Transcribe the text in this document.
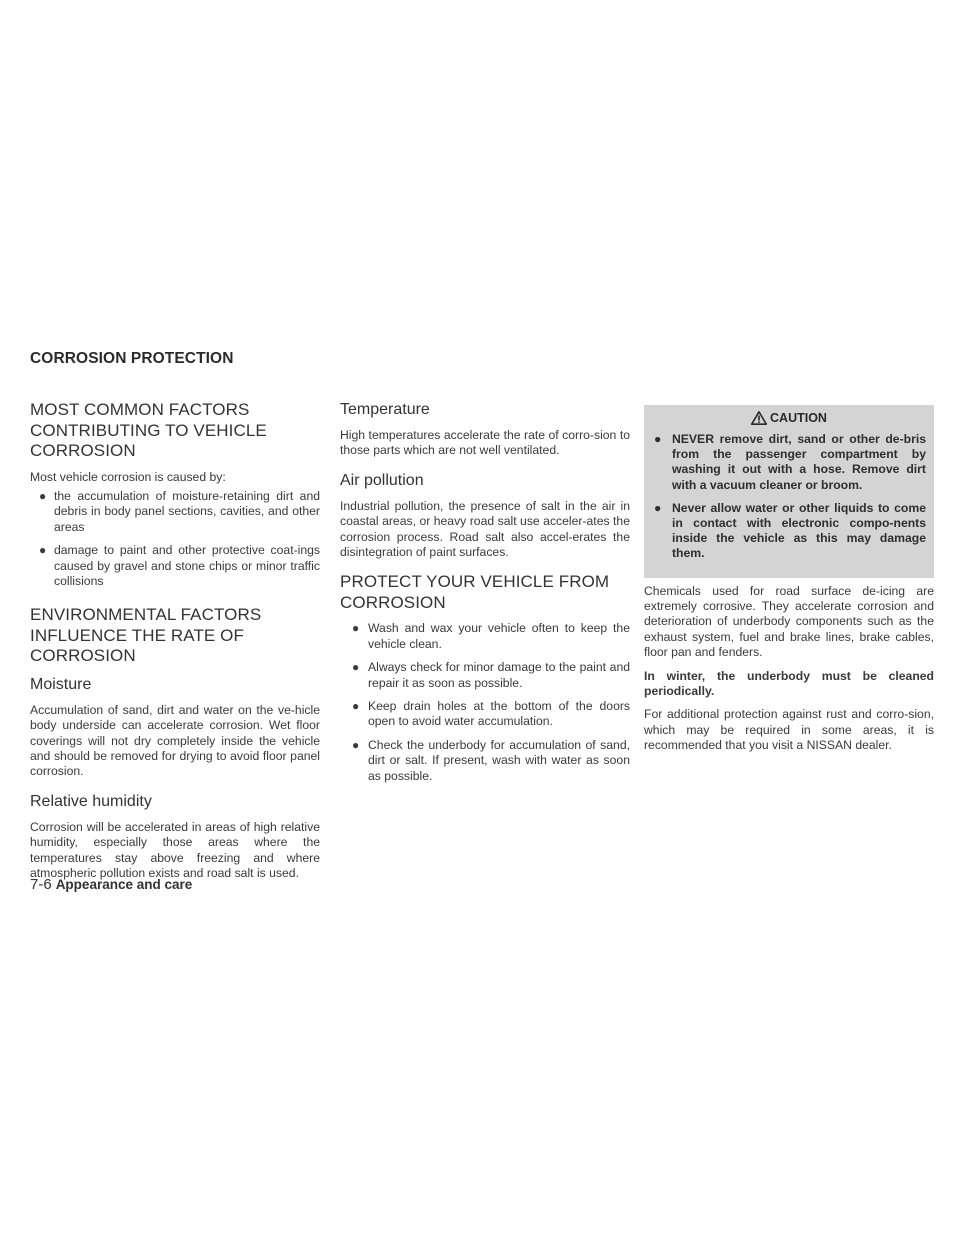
CORROSION PROTECTION
MOST COMMON FACTORS CONTRIBUTING TO VEHICLE CORROSION

Most vehicle corrosion is caused by:

● the accumulation of moisture-retaining dirt and debris in body panel sections, cavities, and other areas
● damage to paint and other protective coat-ings caused by gravel and stone chips or minor traffic collisions
ENVIRONMENTAL FACTORS INFLUENCE THE RATE OF CORROSION
Moisture

Accumulation of sand, dirt and water on the ve-hicle body underside can accelerate corrosion. Wet floor coverings will not dry completely inside the vehicle and should be removed for drying to avoid floor panel corrosion.

Relative humidity

Corrosion will be accelerated in areas of high relative humidity, especially those areas where the temperatures stay above freezing and where atmospheric pollution exists and road salt is used.

Temperature

High temperatures accelerate the rate of corro-sion to those parts which are not well ventilated.

Air pollution

Industrial pollution, the presence of salt in the air in coastal areas, or heavy road salt use acceler-ates the corrosion process. Road salt also accel-erates the disintegration of paint surfaces.

PROTECT YOUR VEHICLE FROM CORROSION
● Wash and wax your vehicle often to keep the vehicle clean.
● Always check for minor damage to the paint and repair it as soon as possible.
● Keep drain holes at the bottom of the doors open to avoid water accumulation.
● Check the underbody for accumulation of sand, dirt or salt. If present, wash with water as soon as possible.
CAUTION
● NEVER remove dirt, sand or other de-bris from the passenger compartment by washing it out with a hose. Remove dirt with a vacuum cleaner or broom.
● Never allow water or other liquids to come in contact with electronic compo-nents inside the vehicle as this may damage them.

Chemicals used for road surface de-icing are extremely corrosive. They accelerate corrosion and deterioration of underbody components such as the exhaust system, fuel and brake lines, brake cables, floor pan and fenders.

In winter, the underbody must be cleaned periodically.

For additional protection against rust and corro-sion, which may be required in some areas, it is recommended that you visit a NISSAN dealer.

7-6 Appearance and care
